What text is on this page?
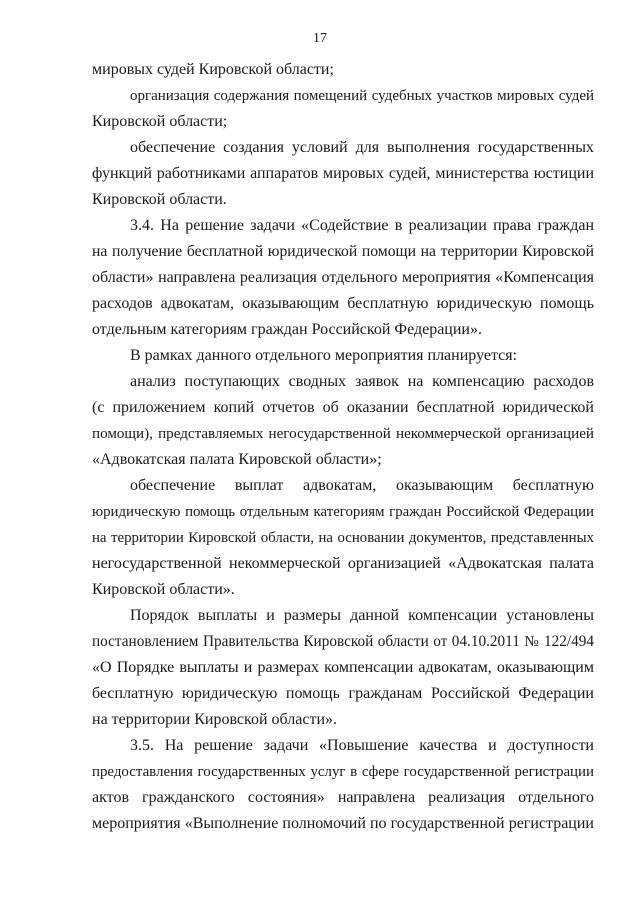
17
мировых судей Кировской области;
организация содержания помещений судебных участков мировых судей
Кировской области;
обеспечение создания условий для выполнения государственных
функций работниками аппаратов мировых судей, министерства юстиции
Кировской области.
3.4. На решение задачи «Содействие в реализации права граждан
на получение бесплатной юридической помощи на территории Кировской
области» направлена реализация отдельного мероприятия «Компенсация
расходов адвокатам, оказывающим бесплатную юридическую помощь
отдельным категориям граждан Российской Федерации».
В рамках данного отдельного мероприятия планируется:
анализ поступающих сводных заявок на компенсацию расходов
(с приложением копий отчетов об оказании бесплатной юридической
помощи), представляемых негосударственной некоммерческой организацией
«Адвокатская палата Кировской области»;
обеспечение выплат адвокатам, оказывающим бесплатную
юридическую помощь отдельным категориям граждан Российской Федерации
на территории Кировской области, на основании документов, представленных
негосударственной некоммерческой организацией «Адвокатская палата
Кировской области».
Порядок выплаты и размеры данной компенсации установлены
постановлением Правительства Кировской области от 04.10.2011 № 122/494
«О Порядке выплаты и размерах компенсации адвокатам, оказывающим
бесплатную юридическую помощь гражданам Российской Федерации
на территории Кировской области».
3.5. На решение задачи «Повышение качества и доступности
предоставления государственных услуг в сфере государственной регистрации
актов гражданского состояния» направлена реализация отдельного
мероприятия «Выполнение полномочий по государственной регистрации
